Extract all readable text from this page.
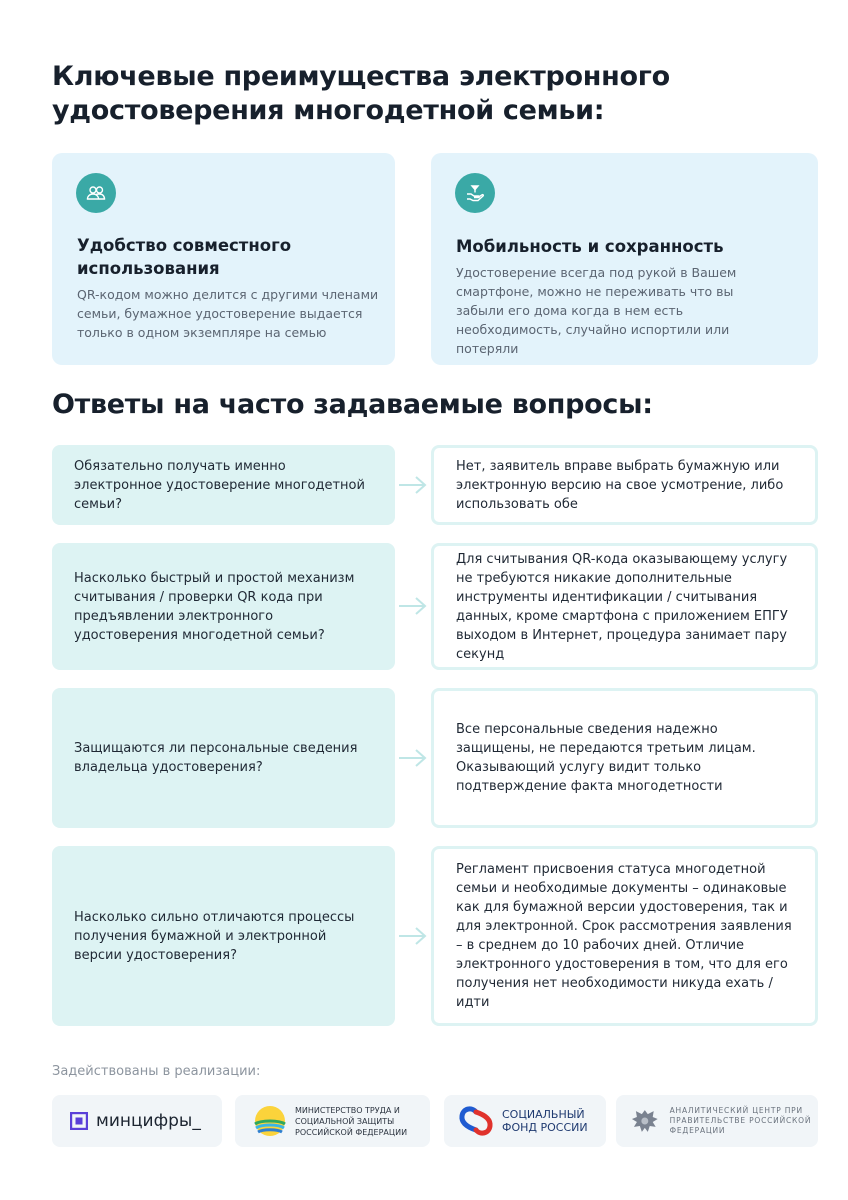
Ключевые преимущества электронного удостоверения многодетной семьи:
Удобство совместного использования
QR-кодом можно делится с другими членами семьи, бумажное удостоверение выдается только в одном экземпляре на семью
Мобильность и сохранность
Удостоверение всегда под рукой в Вашем смартфоне, можно не переживать что вы забыли его дома когда в нем есть необходимость, случайно испортили или потеряли
Ответы на часто задаваемые вопросы:
Обязательно получать именно электронное удостоверение многодетной семьи?
Нет, заявитель вправе выбрать бумажную или электронную версию на свое усмотрение, либо использовать обе
Насколько быстрый и простой механизм считывания / проверки QR кода при предъявлении электронного удостоверения многодетной семьи?
Для считывания QR-кода оказывающему услугу не требуются никакие дополнительные инструменты идентификации / считывания данных, кроме смартфона с приложением ЕПГУ выходом в Интернет, процедура занимает пару секунд
Защищаются ли персональные сведения владельца удостоверения?
Все персональные сведения надежно защищены, не передаются третьим лицам. Оказывающий услугу видит только подтверждение факта многодетности
Насколько сильно отличаются процессы получения бумажной и электронной версии удостоверения?
Регламент присвоения статуса многодетной семьи и необходимые документы – одинаковые как для бумажной версии удостоверения, так и для электронной. Срок рассмотрения заявления – в среднем до 10 рабочих дней. Отличие электронного удостоверения в том, что для его получения нет необходимости никуда ехать / идти
Задействованы в реализации:
минцифры_
МИНИСТЕРСТВО ТРУДА И СОЦИАЛЬНОЙ ЗАЩИТЫ РОССИЙСКОЙ ФЕДЕРАЦИИ
СОЦИАЛЬНЫЙ ФОНД РОССИИ
АНАЛИТИЧЕСКИЙ ЦЕНТР ПРИ ПРАВИТЕЛЬСТВЕ РОССИЙСКОЙ ФЕДЕРАЦИИ
